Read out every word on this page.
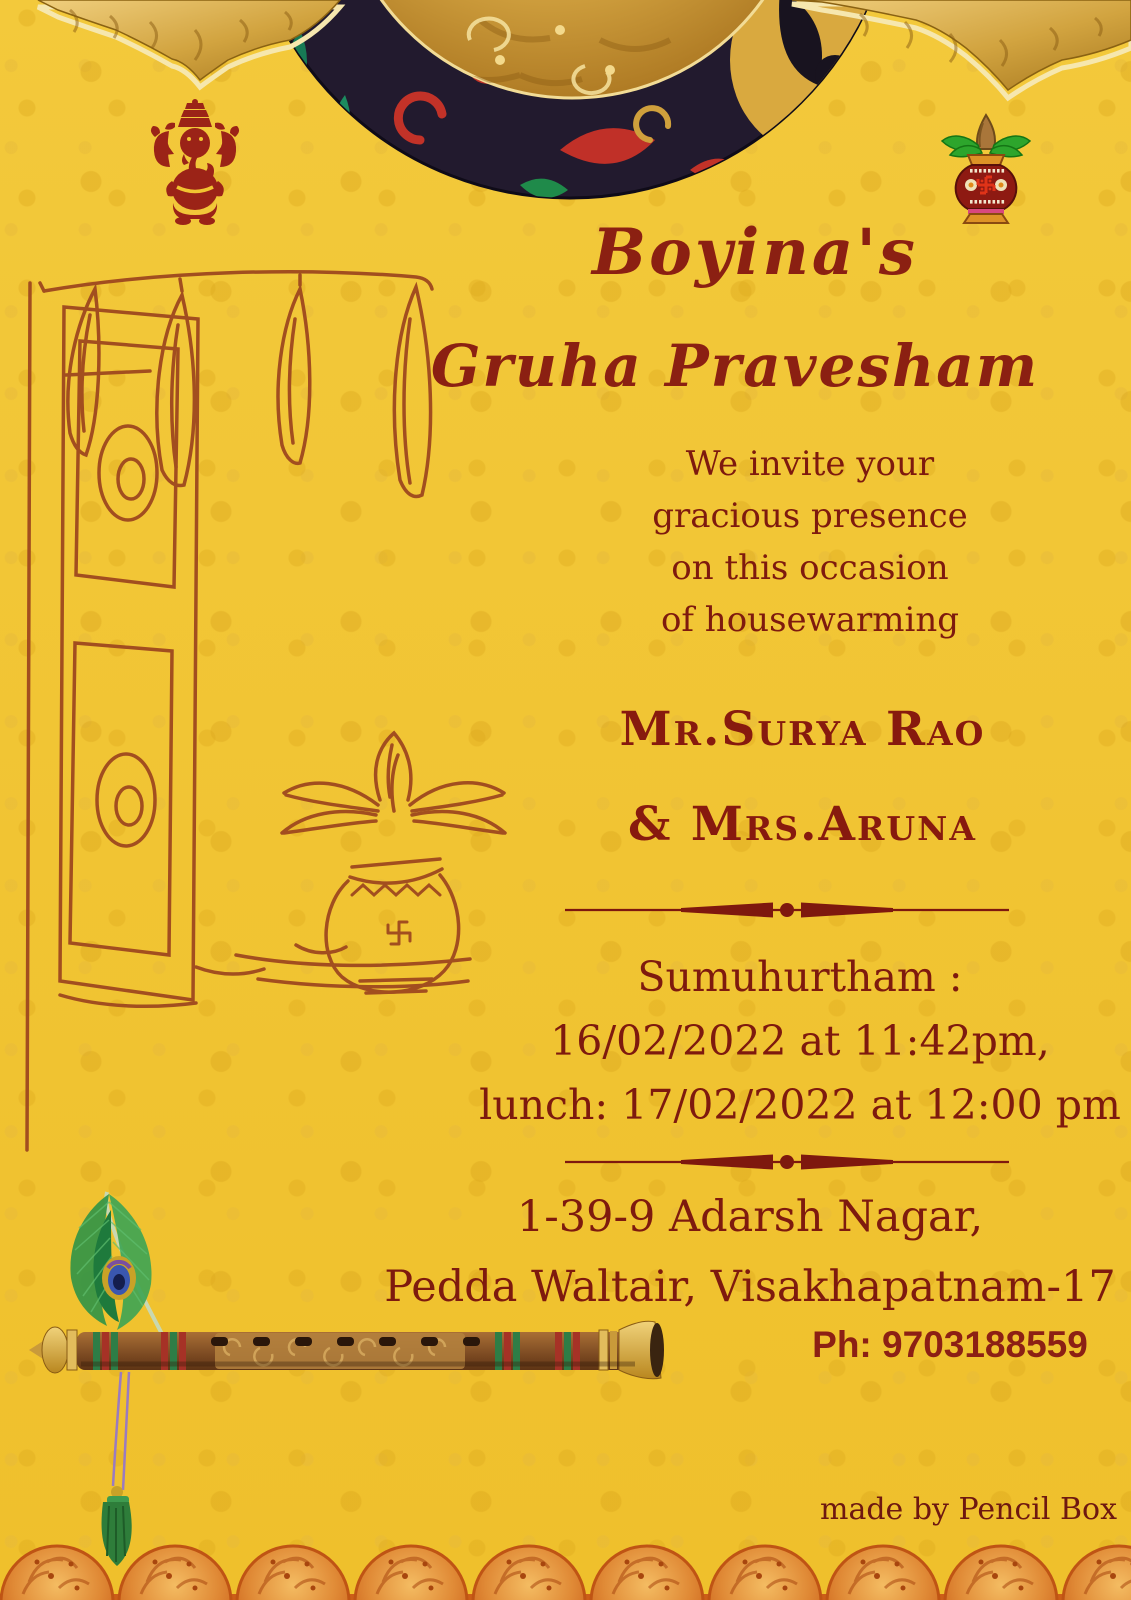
Boyina's
Gruha Pravesham
We invite your
gracious presence
on this occasion
of housewarming
Mr.Surya Rao
& Mrs.Aruna
Sumuhurtham :
16/02/2022 at 11:42pm,
lunch: 17/02/2022 at 12:00 pm
1-39-9 Adarsh Nagar,
Pedda Waltair, Visakhapatnam-17
Ph: 9703188559
made by Pencil Box
